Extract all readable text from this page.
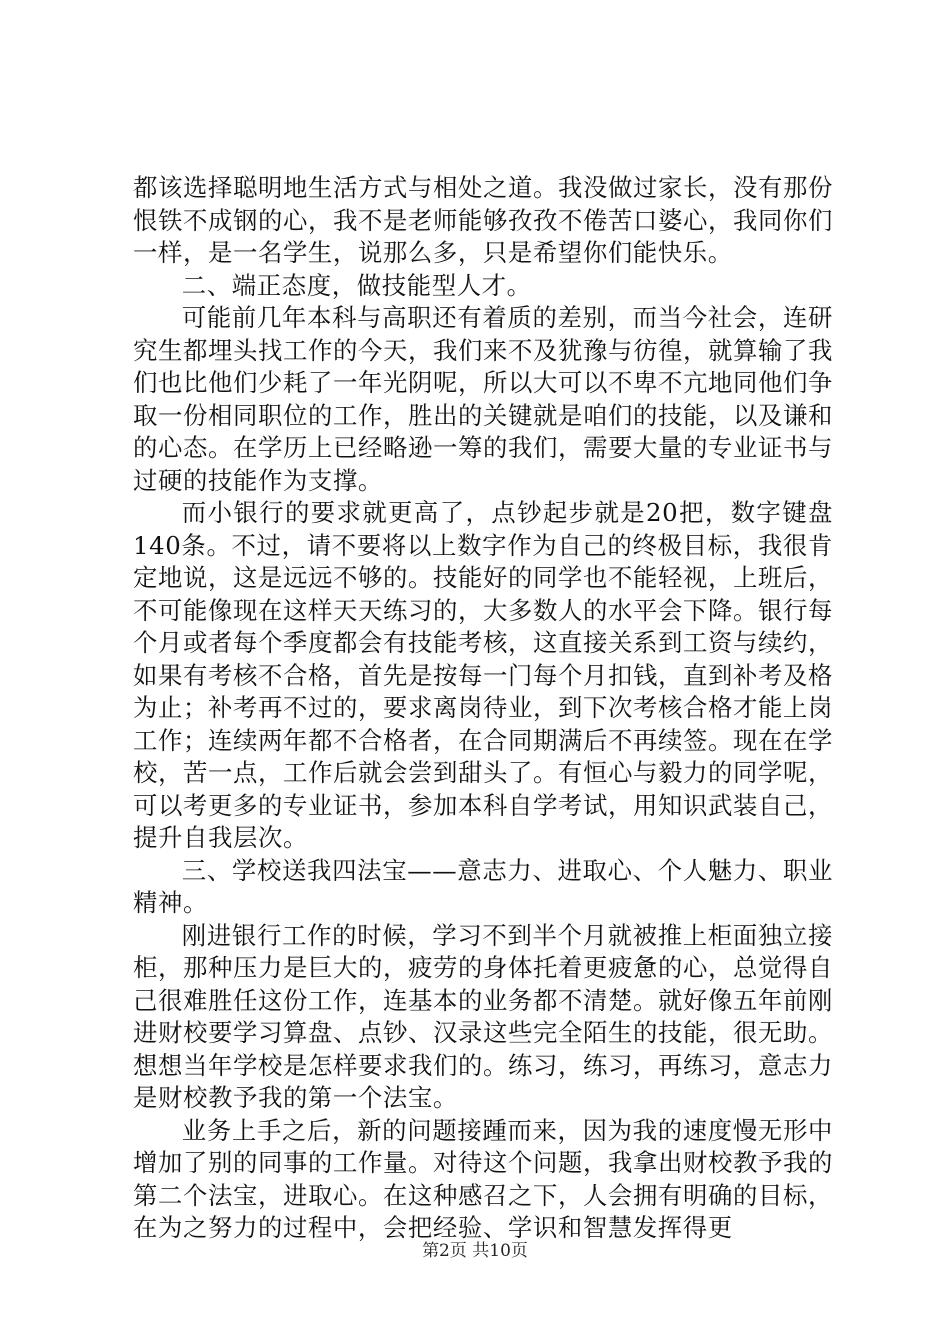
都该选择聪明地生活方式与相处之道。我没做过家长，没有那份恨铁不成钢的心，我不是老师能够孜孜不倦苦口婆心，我同你们一样，是一名学生，说那么多，只是希望你们能快乐。

二、端正态度，做技能型人才。

可能前几年本科与高职还有着质的差别，而当今社会，连研究生都埋头找工作的今天，我们来不及犹豫与彷徨，就算输了我们也比他们少耗了一年光阴呢，所以大可以不卑不亢地同他们争取一份相同职位的工作，胜出的关键就是咱们的技能，以及谦和的心态。在学历上已经略逊一筹的我们，需要大量的专业证书与过硬的技能作为支撑。

而小银行的要求就更高了，点钞起步就是20把，数字键盘140条。不过，请不要将以上数字作为自己的终极目标，我很肯定地说，这是远远不够的。技能好的同学也不能轻视，上班后，不可能像现在这样天天练习的，大多数人的水平会下降。银行每个月或者每个季度都会有技能考核，这直接关系到工资与续约，如果有考核不合格，首先是按每一门每个月扣钱，直到补考及格为止；补考再不过的，要求离岗待业，到下次考核合格才能上岗工作；连续两年都不合格者，在合同期满后不再续签。现在在学校，苦一点，工作后就会尝到甜头了。有恒心与毅力的同学呢，可以考更多的专业证书，参加本科自学考试，用知识武装自己，提升自我层次。

三、学校送我四法宝——意志力、进取心、个人魅力、职业精神。

刚进银行工作的时候，学习不到半个月就被推上柜面独立接柜，那种压力是巨大的，疲劳的身体托着更疲惫的心，总觉得自己很难胜任这份工作，连基本的业务都不清楚。就好像五年前刚进财校要学习算盘、点钞、汉录这些完全陌生的技能，很无助。想想当年学校是怎样要求我们的。练习，练习，再练习，意志力是财校教予我的第一个法宝。

业务上手之后，新的问题接踵而来，因为我的速度慢无形中增加了别的同事的工作量。对待这个问题，我拿出财校教予我的第二个法宝，进取心。在这种感召之下，人会拥有明确的目标，在为之努力的过程中，会把经验、学识和智慧发挥得更

第2页 共10页
